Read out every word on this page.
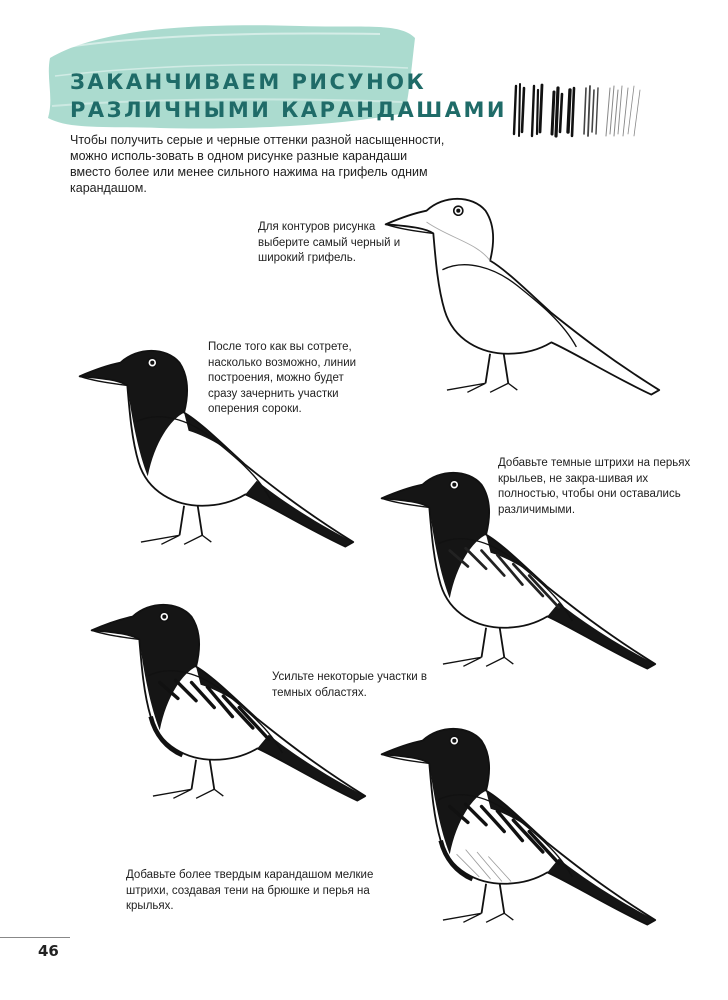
ЗАКАНЧИВАЕМ РИСУНОК
РАЗЛИЧНЫМИ КАРАНДАШАМИ

Чтобы получить серые и черные оттенки разной насыщенности, можно исполь-зовать в одном рисунке разные карандаши вместо более или менее сильного нажима на грифель одним карандашом.

Для контуров рисунка выберите самый черный и широкий грифель.

После того как вы сотрете, насколько возможно, линии построения, можно будет сразу зачернить участки оперения сороки.

Добавьте темные штрихи на перьях крыльев, не закра-шивая их полностью, чтобы они оставались различимыми.

Усильте некоторые участки в темных областях.

Добавьте более твердым карандашом мелкие штрихи, создавая тени на брюшке и перья на крыльях.

46
